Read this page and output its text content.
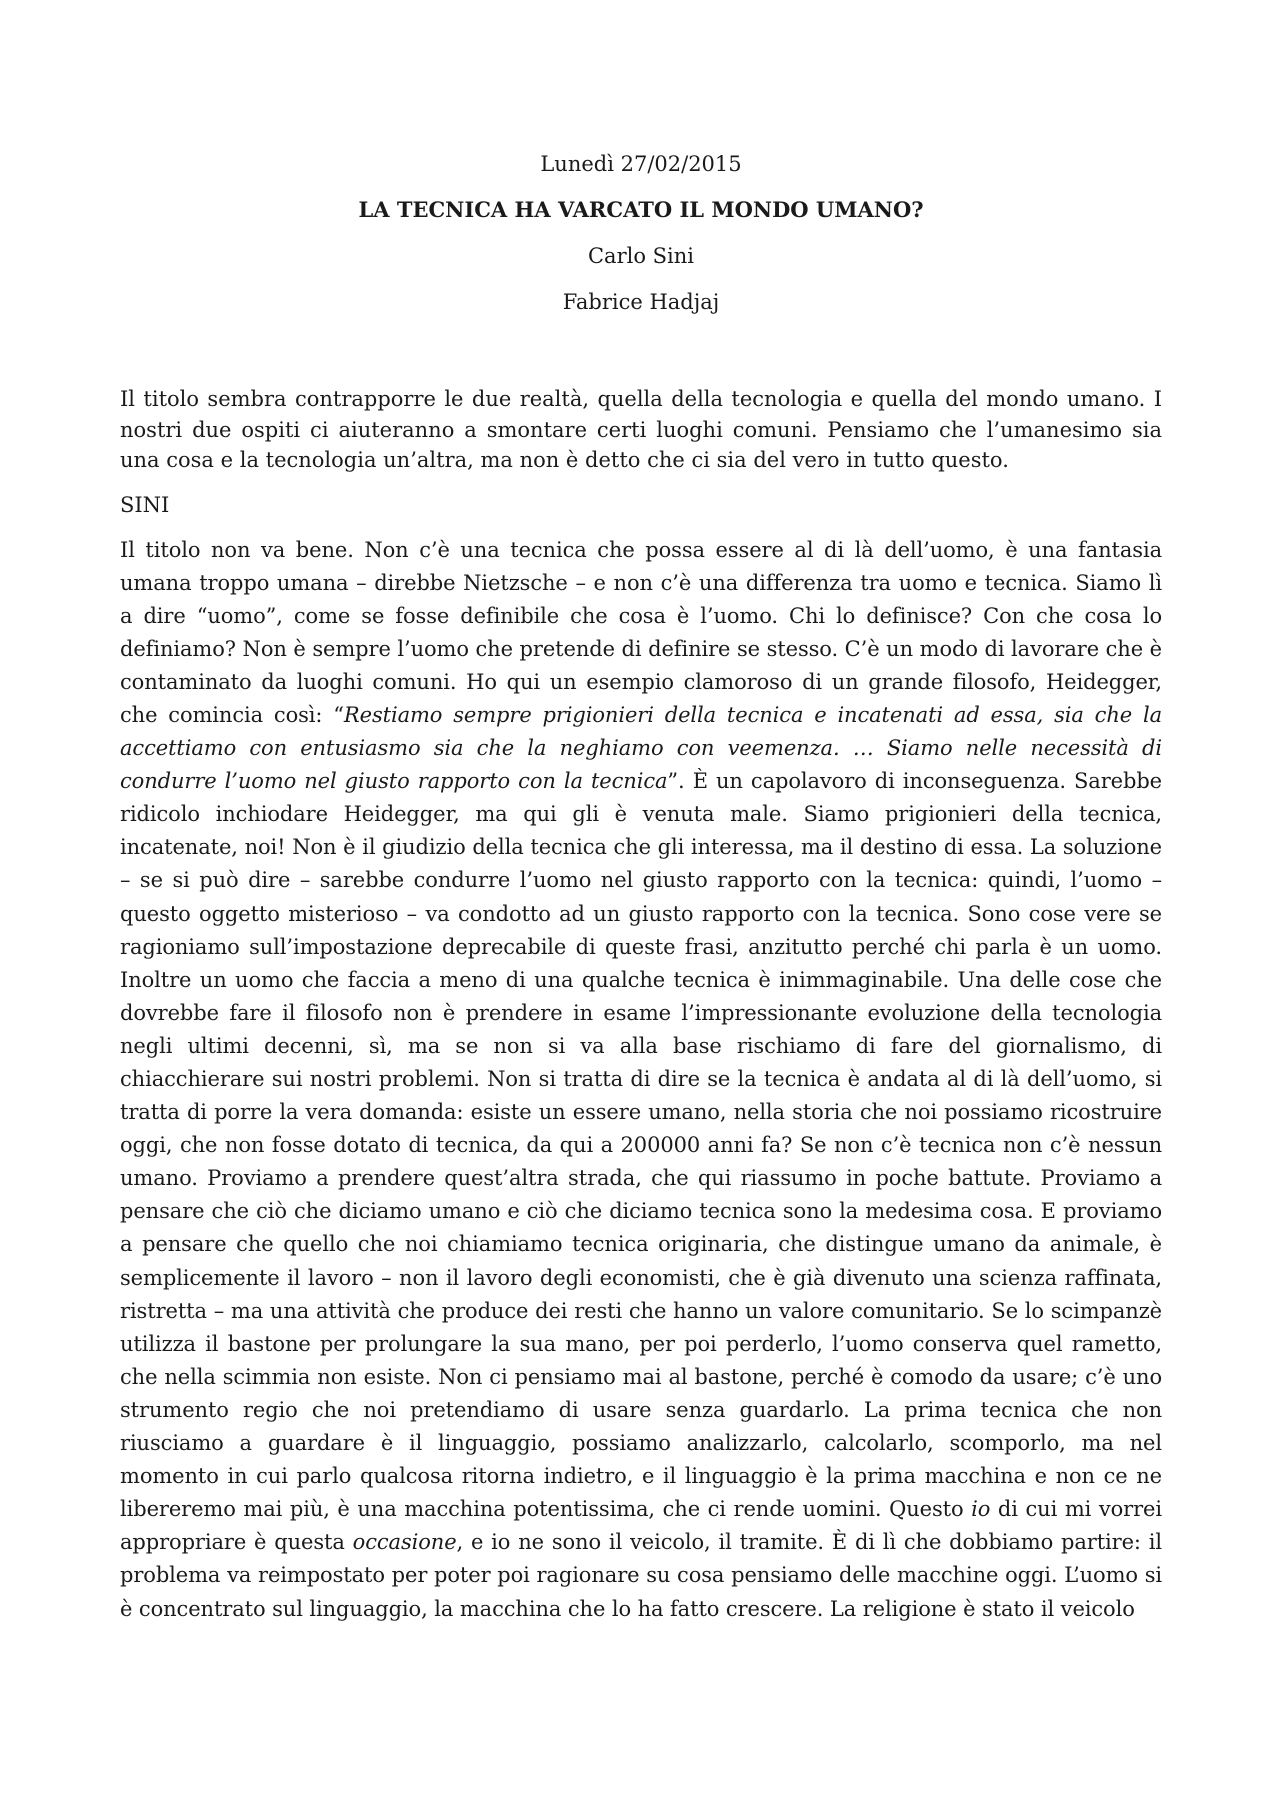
Lunedì 27/02/2015

LA TECNICA HA VARCATO IL MONDO UMANO?

Carlo Sini

Fabrice Hadjaj

Il titolo sembra contrapporre le due realtà, quella della tecnologia e quella del mondo umano. I nostri due ospiti ci aiuteranno a smontare certi luoghi comuni. Pensiamo che l’umanesimo sia una cosa e la tecnologia un’altra, ma non è detto che ci sia del vero in tutto questo.

SINI

Il titolo non va bene. Non c’è una tecnica che possa essere al di là dell’uomo, è una fantasia umana troppo umana – direbbe Nietzsche – e non c’è una differenza tra uomo e tecnica. Siamo lì a dire “uomo”, come se fosse definibile che cosa è l’uomo. Chi lo definisce? Con che cosa lo definiamo? Non è sempre l’uomo che pretende di definire se stesso. C’è un modo di lavorare che è contaminato da luoghi comuni. Ho qui un esempio clamoroso di un grande filosofo, Heidegger, che comincia così: “Restiamo sempre prigionieri della tecnica e incatenati ad essa, sia che la accettiamo con entusiasmo sia che la neghiamo con veemenza. … Siamo nelle necessità di condurre l’uomo nel giusto rapporto con la tecnica”. È un capolavoro di inconseguenza. Sarebbe ridicolo inchiodare Heidegger, ma qui gli è venuta male. Siamo prigionieri della tecnica, incatenate, noi! Non è il giudizio della tecnica che gli interessa, ma il destino di essa. La soluzione – se si può dire – sarebbe condurre l’uomo nel giusto rapporto con la tecnica: quindi, l’uomo – questo oggetto misterioso – va condotto ad un giusto rapporto con la tecnica. Sono cose vere se ragioniamo sull’impostazione deprecabile di queste frasi, anzitutto perché chi parla è un uomo. Inoltre un uomo che faccia a meno di una qualche tecnica è inimmaginabile. Una delle cose che dovrebbe fare il filosofo non è prendere in esame l’impressionante evoluzione della tecnologia negli ultimi decenni, sì, ma se non si va alla base rischiamo di fare del giornalismo, di chiacchierare sui nostri problemi. Non si tratta di dire se la tecnica è andata al di là dell’uomo, si tratta di porre la vera domanda: esiste un essere umano, nella storia che noi possiamo ricostruire oggi, che non fosse dotato di tecnica, da qui a 200000 anni fa? Se non c’è tecnica non c’è nessun umano. Proviamo a prendere quest’altra strada, che qui riassumo in poche battute. Proviamo a pensare che ciò che diciamo umano e ciò che diciamo tecnica sono la medesima cosa. E proviamo a pensare che quello che noi chiamiamo tecnica originaria, che distingue umano da animale, è semplicemente il lavoro – non il lavoro degli economisti, che è già divenuto una scienza raffinata, ristretta – ma una attività che produce dei resti che hanno un valore comunitario. Se lo scimpanzè utilizza il bastone per prolungare la sua mano, per poi perderlo, l’uomo conserva quel rametto, che nella scimmia non esiste. Non ci pensiamo mai al bastone, perché è comodo da usare; c’è uno strumento regio che noi pretendiamo di usare senza guardarlo. La prima tecnica che non riusciamo a guardare è il linguaggio, possiamo analizzarlo, calcolarlo, scomporlo, ma nel momento in cui parlo qualcosa ritorna indietro, e il linguaggio è la prima macchina e non ce ne libereremo mai più, è una macchina potentissima, che ci rende uomini. Questo io di cui mi vorrei appropriare è questa occasione, e io ne sono il veicolo, il tramite. È di lì che dobbiamo partire: il problema va reimpostato per poter poi ragionare su cosa pensiamo delle macchine oggi. L’uomo si è concentrato sul linguaggio, la macchina che lo ha fatto crescere. La religione è stato il veicolo
